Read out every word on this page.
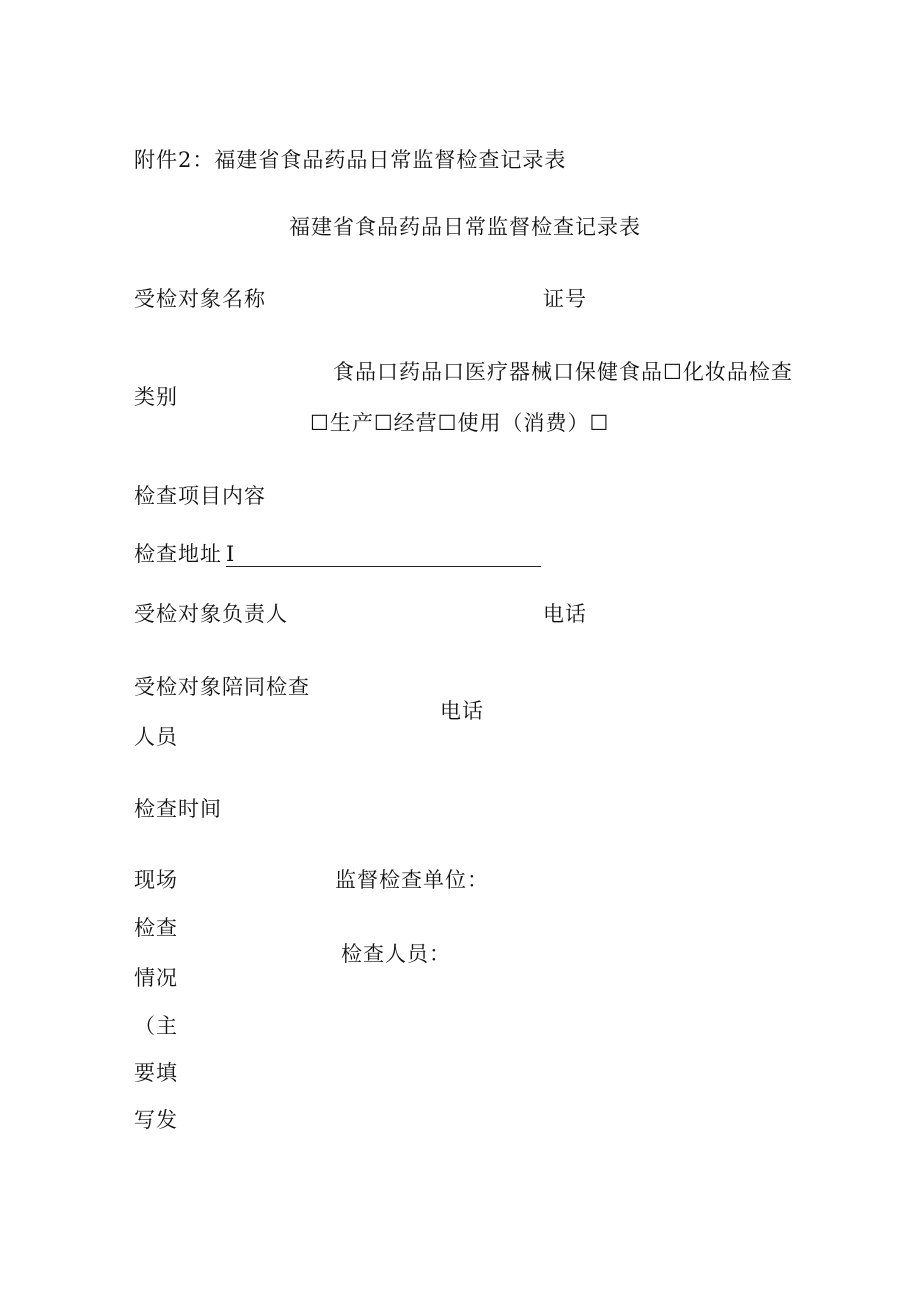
附件2：福建省食品药品日常监督检查记录表
福建省食品药品日常监督检查记录表
受检对象名称	证号
类别
食品口药品口医疗器械口保健食品☐化妆品检查
☐生产☐经营☐使用（消费）☐
检查项目内容
检查地址 I
受检对象负责人	电话
受检对象陪同检查
人员
电话
检查时间
现场
检查
情况
（主
要填
写发
监督检查单位：
检查人员：
